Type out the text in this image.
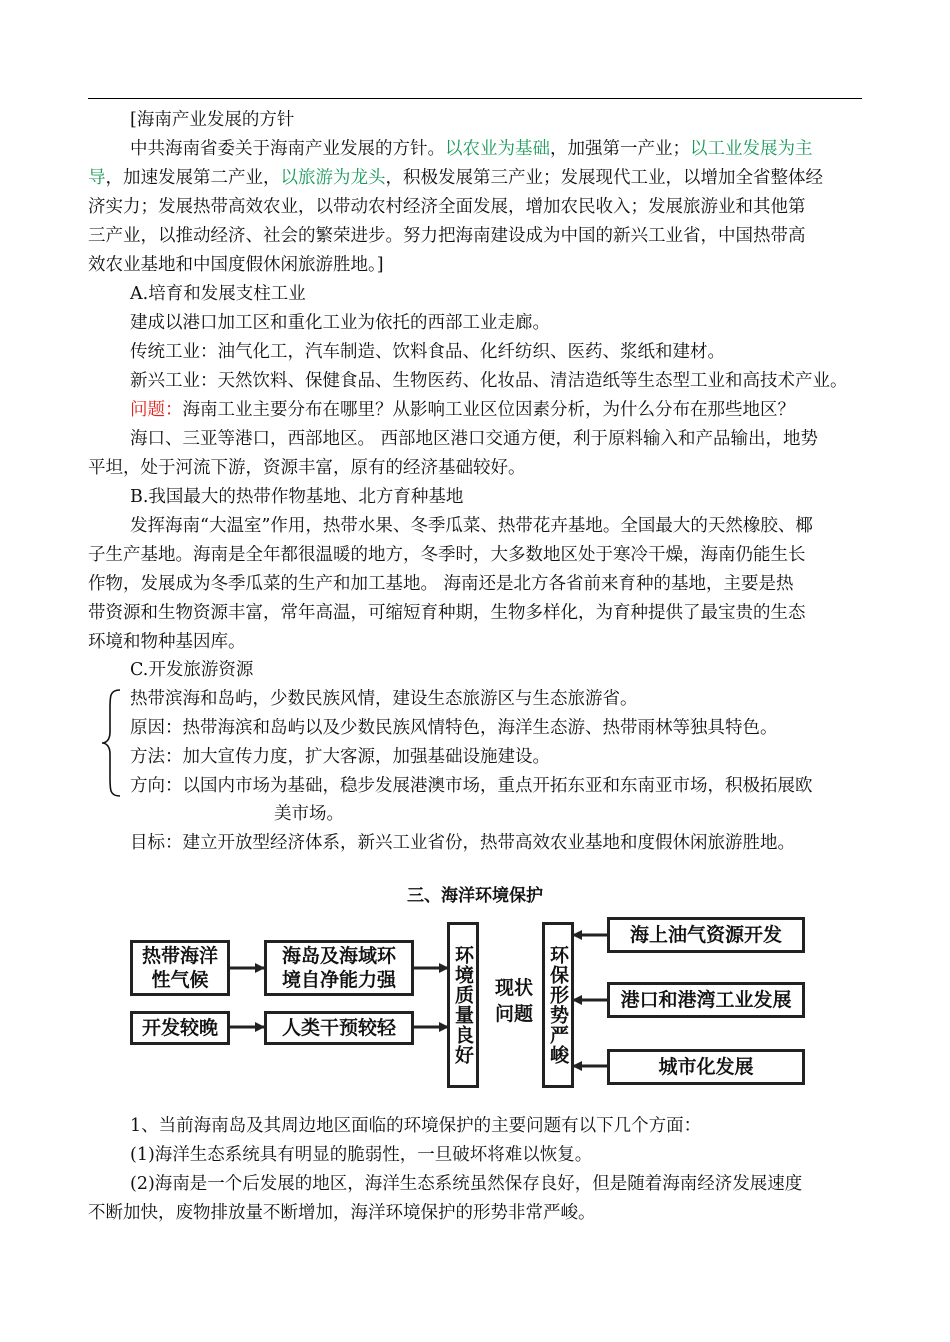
[海南产业发展的方针
中共海南省委关于海南产业发展的方针。以农业为基础，加强第一产业；以工业发展为主
导，加速发展第二产业，以旅游为龙头，积极发展第三产业；发展现代工业，以增加全省整体经
济实力；发展热带高效农业，以带动农村经济全面发展，增加农民收入；发展旅游业和其他第
三产业，以推动经济、社会的繁荣进步。努力把海南建设成为中国的新兴工业省，中国热带高
效农业基地和中国度假休闲旅游胜地。]
A.培育和发展支柱工业
建成以港口加工区和重化工业为依托的西部工业走廊。
传统工业：油气化工，汽车制造、饮料食品、化纤纺织、医药、浆纸和建材。
新兴工业：天然饮料、保健食品、生物医药、化妆品、清洁造纸等生态型工业和高技术产业。
问题：海南工业主要分布在哪里？从影响工业区位因素分析，为什么分布在那些地区？
海口、三亚等港口，西部地区。 西部地区港口交通方便，利于原料输入和产品输出，地势
平坦，处于河流下游，资源丰富，原有的经济基础较好。
B.我国最大的热带作物基地、北方育种基地
发挥海南“大温室”作用，热带水果、冬季瓜菜、热带花卉基地。全国最大的天然橡胶、椰
子生产基地。海南是全年都很温暖的地方，冬季时，大多数地区处于寒冷干燥，海南仍能生长
作物，发展成为冬季瓜菜的生产和加工基地。 海南还是北方各省前来育种的基地，主要是热
带资源和生物资源丰富，常年高温，可缩短育种期，生物多样化，为育种提供了最宝贵的生态
环境和物种基因库。
C.开发旅游资源
热带滨海和岛屿，少数民族风情，建设生态旅游区与生态旅游省。
原因：热带海滨和岛屿以及少数民族风情特色，海洋生态游、热带雨林等独具特色。
方法：加大宣传力度，扩大客源，加强基础设施建设。
方向：以国内市场为基础，稳步发展港澳市场，重点开拓东亚和东南亚市场，积极拓展欧
美市场。
目标：建立开放型经济体系，新兴工业省份，热带高效农业基地和度假休闲旅游胜地。
三、海洋环境保护
热带海洋
性气候
海岛及海域环
境自净能力强
开发较晚	人类干预较轻	环境质量良好	现状
问题 环保形势严峻
海上油气资源开发
港口和港湾工业发展
城市化发展
1、当前海南岛及其周边地区面临的环境保护的主要问题有以下几个方面：
(1)海洋生态系统具有明显的脆弱性，一旦破坏将难以恢复。
(2)海南是一个后发展的地区，海洋生态系统虽然保存良好，但是随着海南经济发展速度
不断加快，废物排放量不断增加，海洋环境保护的形势非常严峻。
